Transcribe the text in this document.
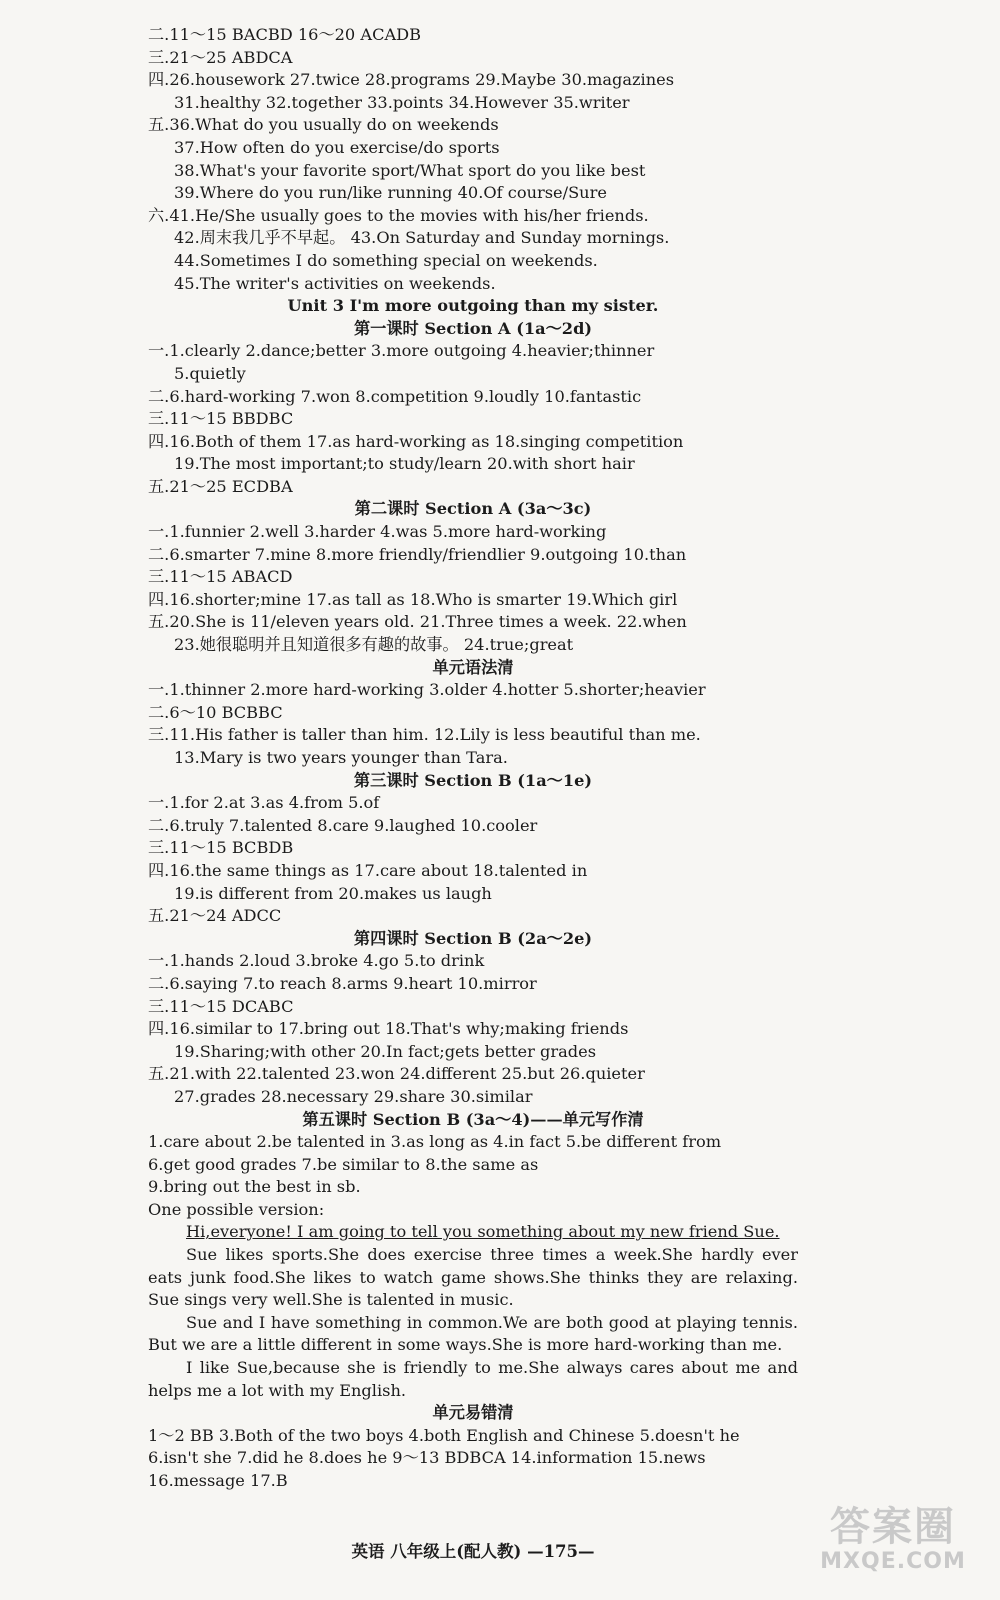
二.11～15 BACBD 16～20 ACADB
三.21～25 ABDCA
四.26.housework 27.twice 28.programs 29.Maybe 30.magazines
31.healthy 32.together 33.points 34.However 35.writer
五.36.What do you usually do on weekends
37.How often do you exercise/do sports
38.What's your favorite sport/What sport do you like best
39.Where do you run/like running 40.Of course/Sure
六.41.He/She usually goes to the movies with his/her friends.
42.周末我几乎不早起。 43.On Saturday and Sunday mornings.
44.Sometimes I do something special on weekends.
45.The writer's activities on weekends.
Unit 3 I'm more outgoing than my sister.
第一课时 Section A (1a～2d)
一.1.clearly 2.dance;better 3.more outgoing 4.heavier;thinner
5.quietly
二.6.hard-working 7.won 8.competition 9.loudly 10.fantastic
三.11～15 BBDBC
四.16.Both of them 17.as hard-working as 18.singing competition
19.The most important;to study/learn 20.with short hair
五.21～25 ECDBA
第二课时 Section A (3a～3c)
一.1.funnier 2.well 3.harder 4.was 5.more hard-working
二.6.smarter 7.mine 8.more friendly/friendlier 9.outgoing 10.than
三.11～15 ABACD
四.16.shorter;mine 17.as tall as 18.Who is smarter 19.Which girl
五.20.She is 11/eleven years old. 21.Three times a week. 22.when
23.她很聪明并且知道很多有趣的故事。 24.true;great
单元语法清
一.1.thinner 2.more hard-working 3.older 4.hotter 5.shorter;heavier
二.6～10 BCBBC
三.11.His father is taller than him. 12.Lily is less beautiful than me.
13.Mary is two years younger than Tara.
第三课时 Section B (1a～1e)
一.1.for 2.at 3.as 4.from 5.of
二.6.truly 7.talented 8.care 9.laughed 10.cooler
三.11～15 BCBDB
四.16.the same things as 17.care about 18.talented in
19.is different from 20.makes us laugh
五.21～24 ADCC
第四课时 Section B (2a～2e)
一.1.hands 2.loud 3.broke 4.go 5.to drink
二.6.saying 7.to reach 8.arms 9.heart 10.mirror
三.11～15 DCABC
四.16.similar to 17.bring out 18.That's why;making friends
19.Sharing;with other 20.In fact;gets better grades
五.21.with 22.talented 23.won 24.different 25.but 26.quieter
27.grades 28.necessary 29.share 30.similar
第五课时 Section B (3a～4)——单元写作清
1.care about 2.be talented in 3.as long as 4.in fact 5.be different from
6.get good grades 7.be similar to 8.the same as
9.bring out the best in sb.
One possible version:
Hi,everyone! I am going to tell you something about my new friend Sue.
Sue likes sports.She does exercise three times a week.She hardly ever eats junk food.She likes to watch game shows.She thinks they are relaxing. Sue sings very well.She is talented in music.
Sue and I have something in common.We are both good at playing tennis. But we are a little different in some ways.She is more hard-working than me.
I like Sue,because she is friendly to me.She always cares about me and helps me a lot with my English.
单元易错清
1～2 BB 3.Both of the two boys 4.both English and Chinese 5.doesn't he
6.isn't she 7.did he 8.does he 9～13 BDBCA 14.information 15.news
16.message 17.B
英语 八年级上(配人教) —175—
答案圈
MXQE.COM
